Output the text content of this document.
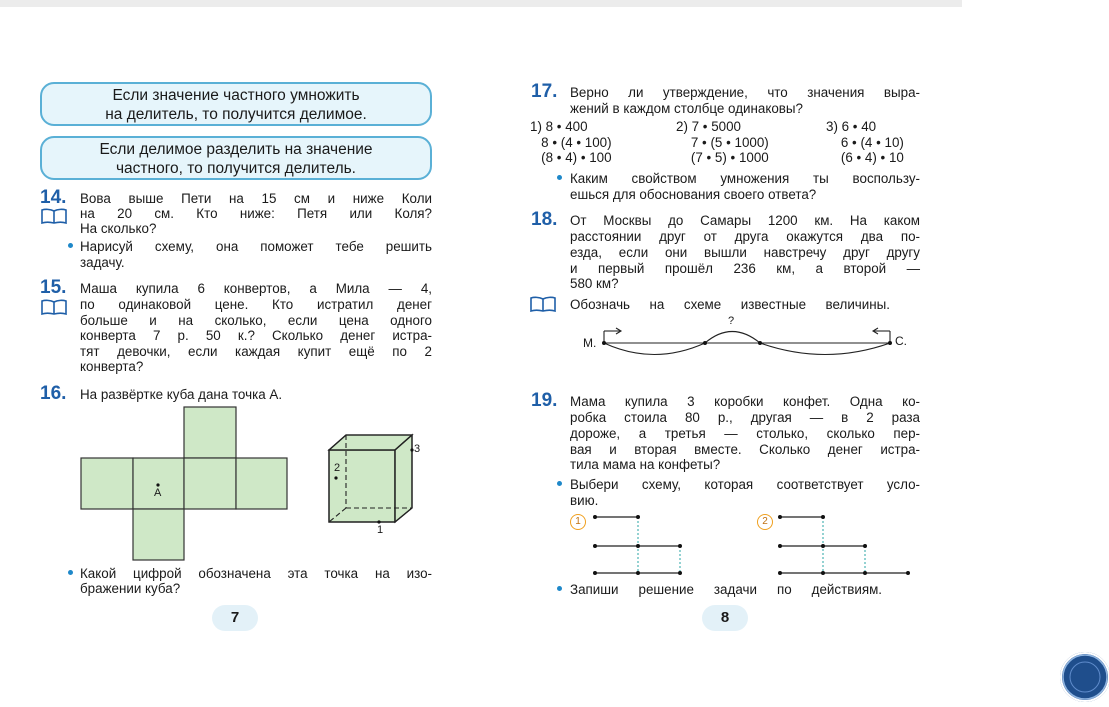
Если значение частного умножить
на делитель, то получится делимое.
Если делимое разделить на значение
частного, то получится делитель.
14. Вова выше Пети на 15 см и ниже Коли
на 20 см. Кто ниже: Петя или Коля?
На сколько?
Нарисуй схему, она поможет тебе решить
задачу.
15. Маша купила 6 конвертов, а Мила — 4,
по одинаковой цене. Кто истратил денег
больше и на сколько, если цена одного
конверта 7 р. 50 к.? Сколько денег истра-
тят девочки, если каждая купит ещё по 2
конверта?
16. На развёртке куба дана точка А.
A
2
3
1
Какой цифрой обозначена эта точка на изо-
бражении куба?
7
17. Верно ли утверждение, что значения выра-
жений в каждом столбце одинаковы?
1) 8 • 400
8 • (4 • 100)
(8 • 4) • 100
2) 7 • 5000
7 • (5 • 1000)
(7 • 5) • 1000
3) 6 • 40
6 • (4 • 10)
(6 • 4) • 10
Каким свойством умножения ты воспользу-
ешься для обоснования своего ответа?
18. От Москвы до Самары 1200 км. На каком
расстоянии друг от друга окажутся два по-
езда, если они вышли навстречу друг другу
и первый прошёл 236 км, а второй —
580 км?
Обозначь на схеме известные величины.
М.	С.
?
19. Мама купила 3 коробки конфет. Одна ко-
робка стоила 80 р., другая — в 2 раза
дороже, а третья — столько, сколько пер-
вая и вторая вместе. Сколько денег истра-
тила мама на конфеты?
Выбери схему, которая соответствует усло-
вию.
1	2
Запиши решение задачи по действиям.
8
